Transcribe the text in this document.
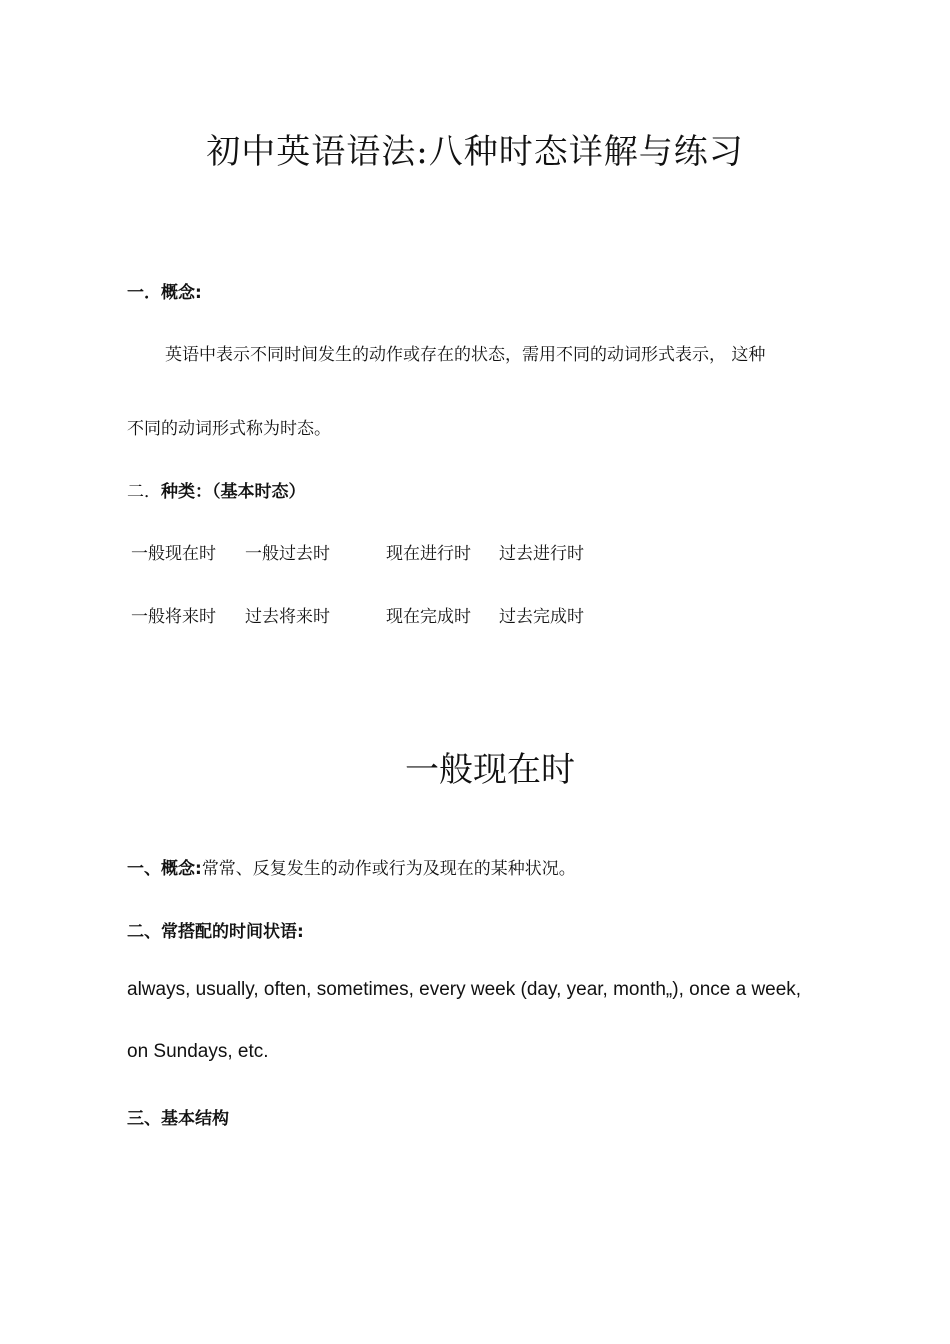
初中英语语法:八种时态详解与练习
一．概念:

英语中表示不同时间发生的动作或存在的状态，需用不同的动词形式表示， 这种

不同的动词形式称为时态。

二．种类：（基本时态）
一般现在时 一般过去时	现在进行时 过去进行时
一般将来时 过去将来时	现在完成时 过去完成时
一般现在时
一、概念:常常、反复发生的动作或行为及现在的某种状况。
二、常搭配的时间状语:

always, usually, often, sometimes, every week (day, year, month„), once a week,

on Sundays, etc.

三、基本结构
